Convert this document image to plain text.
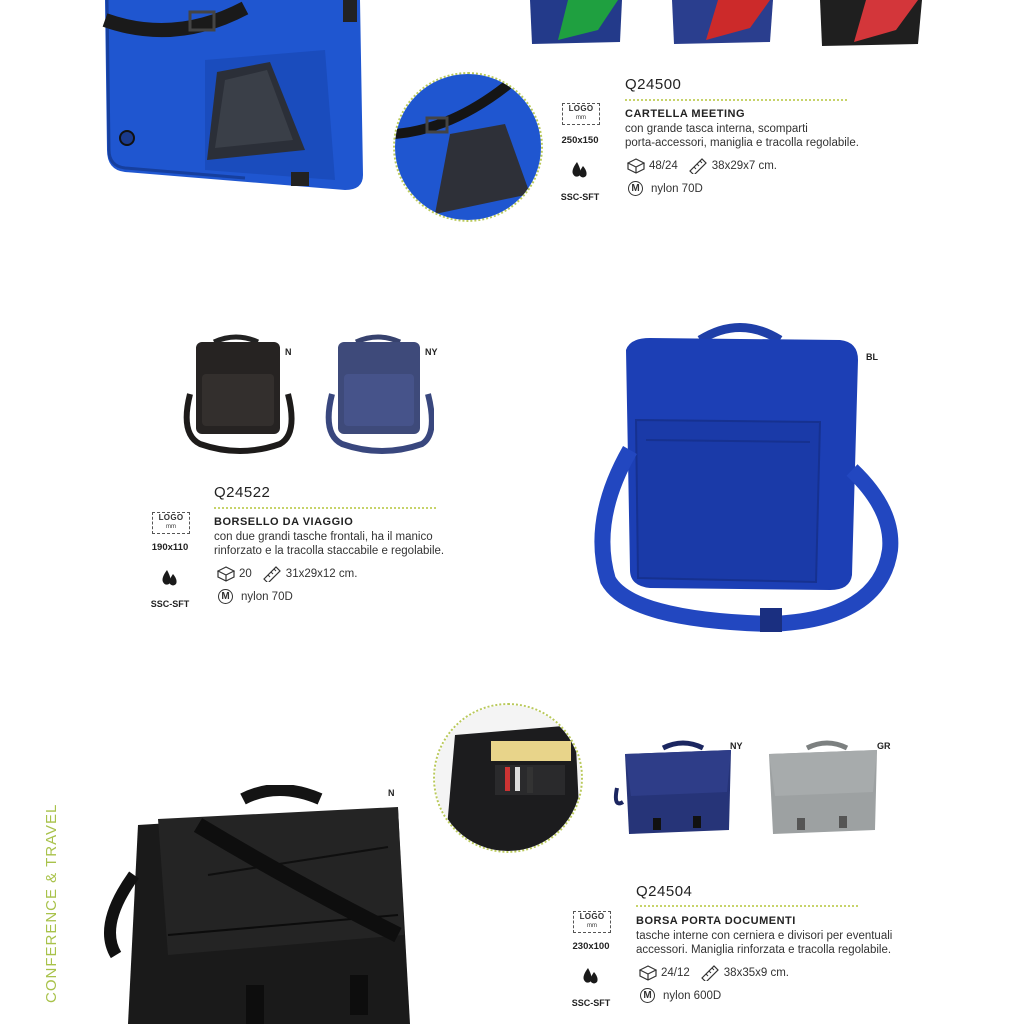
LOGO
mm
250x150
SSC-SFT
Q24500
CARTELLA MEETING
con grande tasca interna, scomparti
porta-accessori, maniglia e tracolla regolabile.
48/24	38x29x7 cm.
M nylon 70D
N	NY	BL
LOGO
mm
190x110
SSC-SFT
Q24522
BORSELLO DA VIAGGIO
con due grandi tasche frontali, ha il manico
rinforzato e la tracolla staccabile e regolabile.
20	31x29x12 cm.
M nylon 70D
NY	GR
N
LOGO
mm
230x100
SSC-SFT
Q24504
BORSA PORTA DOCUMENTI
tasche interne con cerniera e divisori per eventuali
accessori. Maniglia rinforzata e tracolla regolabile.
24/12	38x35x9 cm.
M nylon 600D
CONFERENCE & TRAVEL
